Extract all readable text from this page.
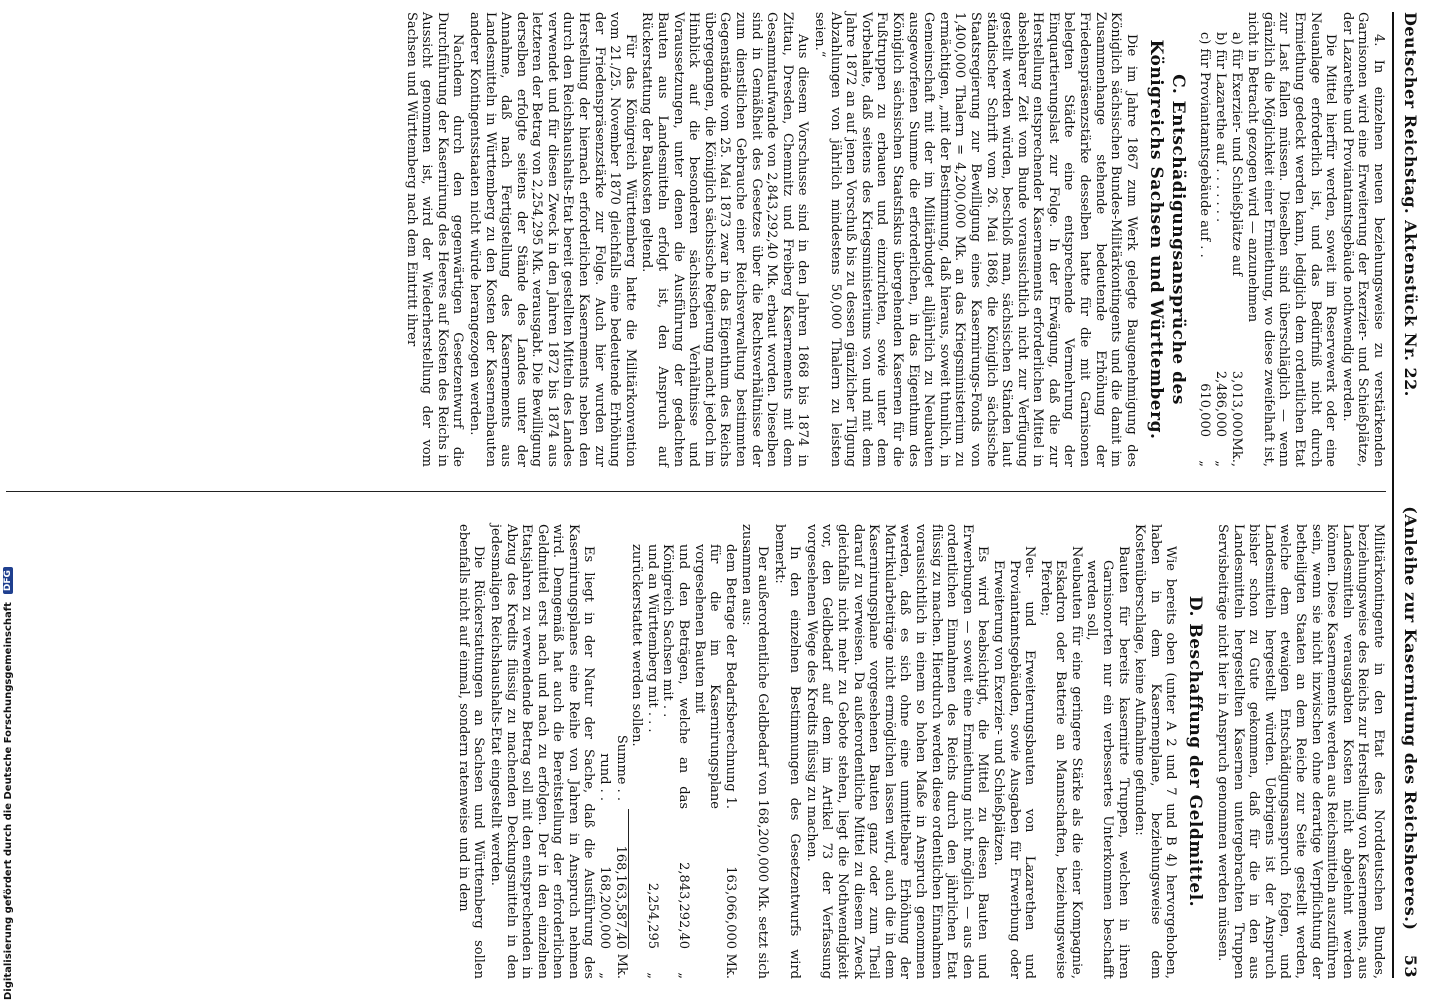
Deutscher Reichstag. Aktenstück Nr. 22.
(Anleihe zur Kasernirung des Reichsheeres.)    53

4. In einzelnen neuen beziehungsweise zu verstärkenden Garnisonen wird eine Erweiterung der Exerzier- und Schießplätze, der Lazarethe und Proviantamtsgebäude nothwendig werden.

Die Mittel hierfür werden, soweit im Reservewerk oder eine Neuanlage erforderlich ist, und das Bedürfniß nicht durch Ermiethung gedeckt werden kann, lediglich dem ordentlichen Etat zur Last fallen müssen. Dieselben sind überschläglich — wenn gänzlich die Möglichkeit einer Ermiethung, wo diese zweifelhaft ist, nicht in Betracht gezogen wird — anzunehmen

a) für Exerzier- und Schießplätze auf
3,013,000
Mk.,
b) für Lazarethe auf . . . . . . .
2,486,000
„
c) für Proviantamtsgebäude auf . .
610,000
„
C. Entschädigungsansprüche des Königreichs Sachsen und Württemberg.

Die im Jahre 1867 zum Werk gelegte Baugenehmigung des Königlich sächsischen Bundes-Militärkontingents und die damit im Zusammenhange stehende bedeutende Erhöhung der Friedenspräsenzstärke desselben hatte für die mit Garnisonen belegten Städte eine entsprechende Vermehrung der Einquartierungslast zur Folge. In der Erwägung, daß die zur Herstellung entsprechender Kasernements erforderlichen Mittel in absehbarer Zeit vom Bunde voraussichtlich nicht zur Verfügung gestellt werden würden, beschloß man, sächsischen Ständen laut ständischer Schrift vom 26. Mai 1868, die Königlich sächsische Staatsregierung zur Bewilligung eines Kasernirungs-Fonds von 1,400,000 Thalern = 4,200,000 Mk. an das Kriegsministerium zu ermächtigen, „mit der Bestimmung, daß hieraus, soweit thunlich, in Gemeinschaft mit der im Militärbudget alljährlich zu Neubauten ausgeworfenen Summe die erforderlichen, in das Eigenthum des Königlich sächsischen Staatsfiskus übergehenden Kasernen für die Fußtruppen zu erbauen und einzurichten, sowie unter dem Vorbehalte, daß seitens des Kriegsministeriums von und mit dem Jahre 1872 an auf jenen Vorschuß bis zu dessen gänzlicher Tilgung Abzahlungen von jährlich mindestens 50,000 Thalern zu leisten seien.“

Aus diesem Vorschusse sind in den Jahren 1868 bis 1874 in Zittau, Dresden, Chemnitz und Freiberg Kasernements mit dem Gesammtaufwande von 2,843,292,40 Mk. erbaut worden. Dieselben sind in Gemäßheit des Gesetzes über die Rechtsverhältnisse der zum dienstlichen Gebrauche einer Reichsverwaltung bestimmten Gegenstände vom 25. Mai 1873 zwar in das Eigenthum des Reichs übergegangen, die Königlich sächsische Regierung macht jedoch im Hinblick auf die besonderen sächsischen Verhältnisse und Voraussetzungen, unter denen die Ausführung der gedachten Bauten aus Landesmitteln erfolgt ist, den Anspruch auf Rückerstattung der Baukosten geltend.

Für das Königreich Württemberg hatte die Militärkonvention vom 21./25. November 1870 gleichfalls eine bedeutende Erhöhung der Friedenspräsenzstärke zur Folge. Auch hier wurden zur Herstellung der hiernach erforderlichen Kasernements neben den durch den Reichshaushalts-Etat bereit gestellten Mitteln des Landes verwendet und für diesen Zweck in den Jahren 1872 bis 1874 aus letzteren der Betrag von 2,254,295 Mk. verausgabt. Die Bewilligung derselben erfolgte seitens der Stände des Landes unter der Annahme, daß nach Fertigstellung des Kasernements aus Landesmitteln in Württemberg zu den Kosten der Kasernenbauten anderer Kontingentsstaaten nicht würde herangezogen werden.

Nachdem durch den gegenwärtigen Gesetzentwurf die Durchführung der Kasernirung des Heeres auf Kosten des Reichs in Aussicht genommen ist, wird der Wiederherstellung der vom Sachsen und Württemberg nach dem Eintritt ihrer

Militärkontingente in den Etat des Norddeutschen Bundes, beziehungsweise des Reichs zur Herstellung von Kasernements, aus Landesmitteln verausgabten Kosten nicht abgelehnt werden können. Diese Kasernements werden aus Reichsmitteln auszuführen sein, wenn sie nicht inzwischen ohne derartige Verpflichtung der betheiligten Staaten an dem Reiche zur Seite gestellt werden, welche dem etwaigen Entschädigungsanspruch folgen, und Landesmitteln hergestellt würden. Uebrigens ist der Anspruch bisher schon zu Gute gekommen, daß für die in den aus Landesmitteln hergestellten Kasernen untergebrachten Truppen Servisbeiträge nicht hier in Anspruch genommen werden müssen.

D. Beschaffung der Geldmittel.

Wie bereits oben (unter A 2 und 7 und B 4) hervorgehoben, haben in dem Kasernenplane, beziehungsweise dem Kostenüberschlage, keine Aufnahme gefunden:

Bauten für bereits kasernirte Truppen, welchen in ihren Garnisonorten nur ein verbessertes Unterkommen beschafft werden soll,

Neubauten für eine geringere Stärke als die einer Kompagnie, Eskadron oder Batterie an Mannschaften, beziehungsweise Pferden;

Neu- und Erweiterungsbauten von Lazarethen und Proviantamtsgebäuden, sowie Ausgaben für Erwerbung oder Erweiterung von Exerzier- und Schießplätzen.

Es wird beabsichtigt, die Mittel zu diesen Bauten und Erwerbungen — soweit eine Ermiethung nicht möglich — aus den ordentlichen Einnahmen des Reichs durch den jährlichen Etat flüssig zu machen. Hierdurch werden diese ordentlichen Einnahmen voraussichtlich in einem so hohen Maße in Anspruch genommen werden, daß es sich ohne eine unmittelbare Erhöhung der Matrikularbeiträge nicht ermöglichen lassen wird, auch die in dem Kasernirungsplane vorgesehenen Bauten ganz oder zum Theil darauf zu verweisen. Da außerordentliche Mittel zu diesem Zweck gleichfalls nicht mehr zu Gebote stehen, liegt die Nothwendigkeit vor, den Geldbedarf auf dem im Artikel 73 der Verfassung vorgesehenen Wege des Kredits flüssig zu machen.

In den einzelnen Bestimmungen des Gesetzentwurfs wird bemerkt:

Der außerordentliche Geldbedarf von 168,200,000 Mk. setzt sich zusammen aus:

dem Betrage der Bedarfsberechnung 1. für die im Kasernirungsplane vorgesehenen Bauten mit
163,066,000
Mk.
und den Beträgen, welche an das Königreich Sachsen mit . .
2,843,292,40
„
und an Württemberg mit . . .
2,254,295
„
zurückerstattet werden sollen.
Summe . .
168,163,587,40
Mk.
rund . .
168,200,000
„

Es liegt in der Natur der Sache, daß die Ausführung des Kasernirungsplanes eine Reihe von Jahren in Anspruch nehmen wird. Demgemäß hat auch die Bereitstellung der erforderlichen Geldmittel erst nach und nach zu erfolgen. Der in den einzelnen Etatsjahren zu verwendende Betrag soll mit den entsprechenden in Abzug des Kredits flüssig zu machenden Deckungsmitteln in den jedesmaligen Reichshaushalts-Etat eingestellt werden.

Die Rückerstattungen an Sachsen und Württemberg sollen ebenfalls nicht auf einmal, sondern ratenweise und in dem

Digitalisierung gefördert durch die Deutsche Forschungsgemeinschaft
DFG
